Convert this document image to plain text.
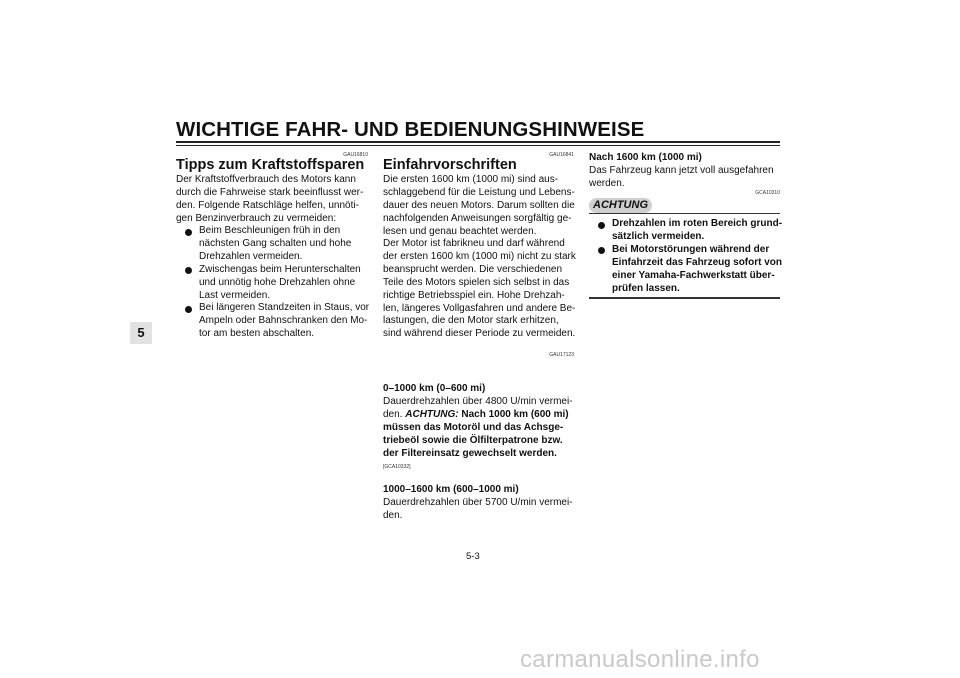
WICHTIGE FAHR- UND BEDIENUNGSHINWEISE
5
GAU16810
Tipps zum Kraftstoffsparen
Der Kraftstoffverbrauch des Motors kann
durch die Fahrweise stark beeinflusst wer-
den. Folgende Ratschläge helfen, unnöti-
gen Benzinverbrauch zu vermeiden:
Beim Beschleunigen früh in den
nächsten Gang schalten und hohe
Drehzahlen vermeiden.
Zwischengas beim Herunterschalten
und unnötig hohe Drehzahlen ohne
Last vermeiden.
Bei längeren Standzeiten in Staus, vor
Ampeln oder Bahnschranken den Mo-
tor am besten abschalten.
GAU16841
Einfahrvorschriften
Die ersten 1600 km (1000 mi) sind aus-
schlaggebend für die Leistung und Lebens-
dauer des neuen Motors. Darum sollten die
nachfolgenden Anweisungen sorgfältig ge-
lesen und genau beachtet werden.
Der Motor ist fabrikneu und darf während
der ersten 1600 km (1000 mi) nicht zu stark
beansprucht werden. Die verschiedenen
Teile des Motors spielen sich selbst in das
richtige Betriebsspiel ein. Hohe Drehzah-
len, längeres Vollgasfahren und andere Be-
lastungen, die den Motor stark erhitzen,
sind während dieser Periode zu vermeiden.
GAU17123
0–1000 km (0–600 mi)
Dauerdrehzahlen über 4800 U/min vermei-
den. ACHTUNG: Nach 1000 km (600 mi)
müssen das Motoröl und das Achsge-
triebeöl sowie die Ölfilterpatrone bzw.
der Filtereinsatz gewechselt werden.
[GCA10332]
1000–1600 km (600–1000 mi)
Dauerdrehzahlen über 5700 U/min vermei-
den.
Nach 1600 km (1000 mi)
Das Fahrzeug kann jetzt voll ausgefahren
werden.
GCA10310
ACHTUNG
Drehzahlen im roten Bereich grund-
sätzlich vermeiden.
Bei Motorstörungen während der
Einfahrzeit das Fahrzeug sofort von
einer Yamaha-Fachwerkstatt über-
prüfen lassen.
5-3
carmanualsonline.info
